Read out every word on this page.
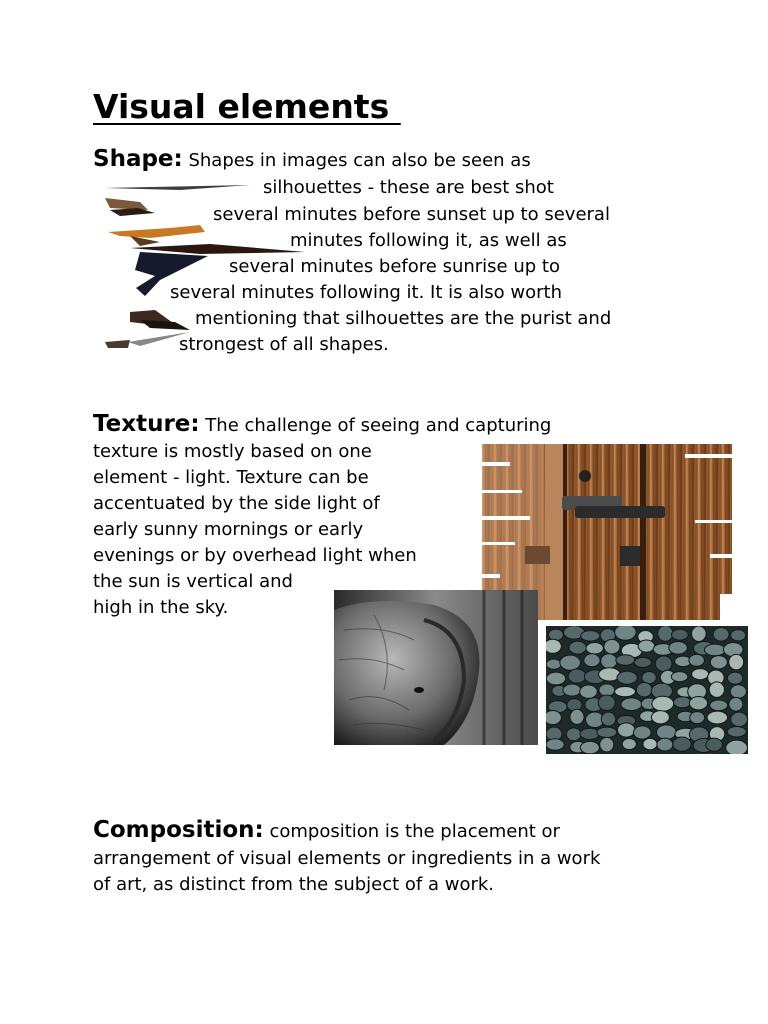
Visual elements

Shape: Shapes in images can also be seen as

silhouettes - these are best shot

several minutes before sunset up to several

minutes following it, as well as

several minutes before sunrise up to

several minutes following it. It is also worth

mentioning that silhouettes are the purist and

strongest of all shapes.

Texture: The challenge of seeing and capturing

texture is mostly based on one

element - light. Texture can be

accentuated by the side light of

early sunny mornings or early

evenings or by overhead light when

the sun is vertical and

high in the sky.

Composition: composition is the placement or

arrangement of visual elements or ingredients in a work

of art, as distinct from the subject of a work.
